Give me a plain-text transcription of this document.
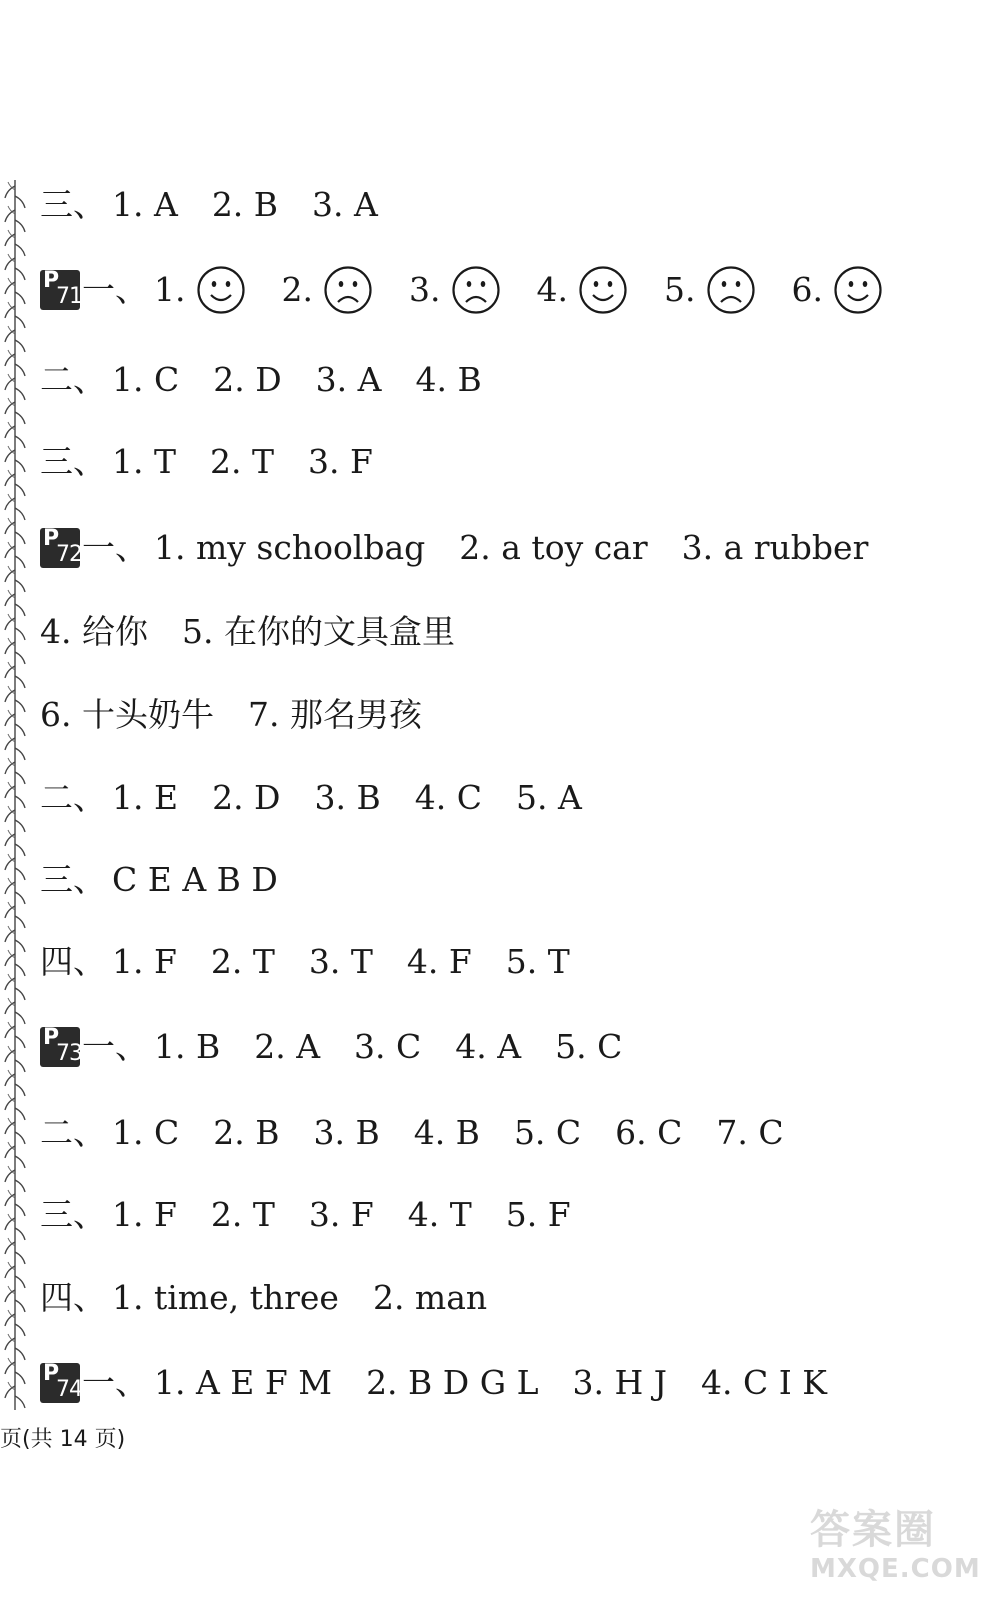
三、 1. A 2. B 3. A
P
71 一、 1.	2.	3.	4.	5.	6.
二、 1. C 2. D 3. A 4. B
三、 1. T 2. T 3. F
P
72 一、 1. my schoolbag 2. a toy car 3. a rubber
4. 给你 5. 在你的文具盒里
6. 十头奶牛 7. 那名男孩
二、 1. E 2. D 3. B 4. C 5. A
三、 C E A B D
四、 1. F 2. T 3. T 4. F 5. T
P
73 一、 1. B 2. A 3. C 4. A 5. C
二、 1. C 2. B 3. B 4. B 5. C 6. C 7. C
三、 1. F 2. T 3. F 4. T 5. F
四、 1. time, three 2. man
P
74 一、 1. A E F M 2. B D G L 3. H J 4. C I K
页(共 14 页)
答案圈
MXQE.COM
